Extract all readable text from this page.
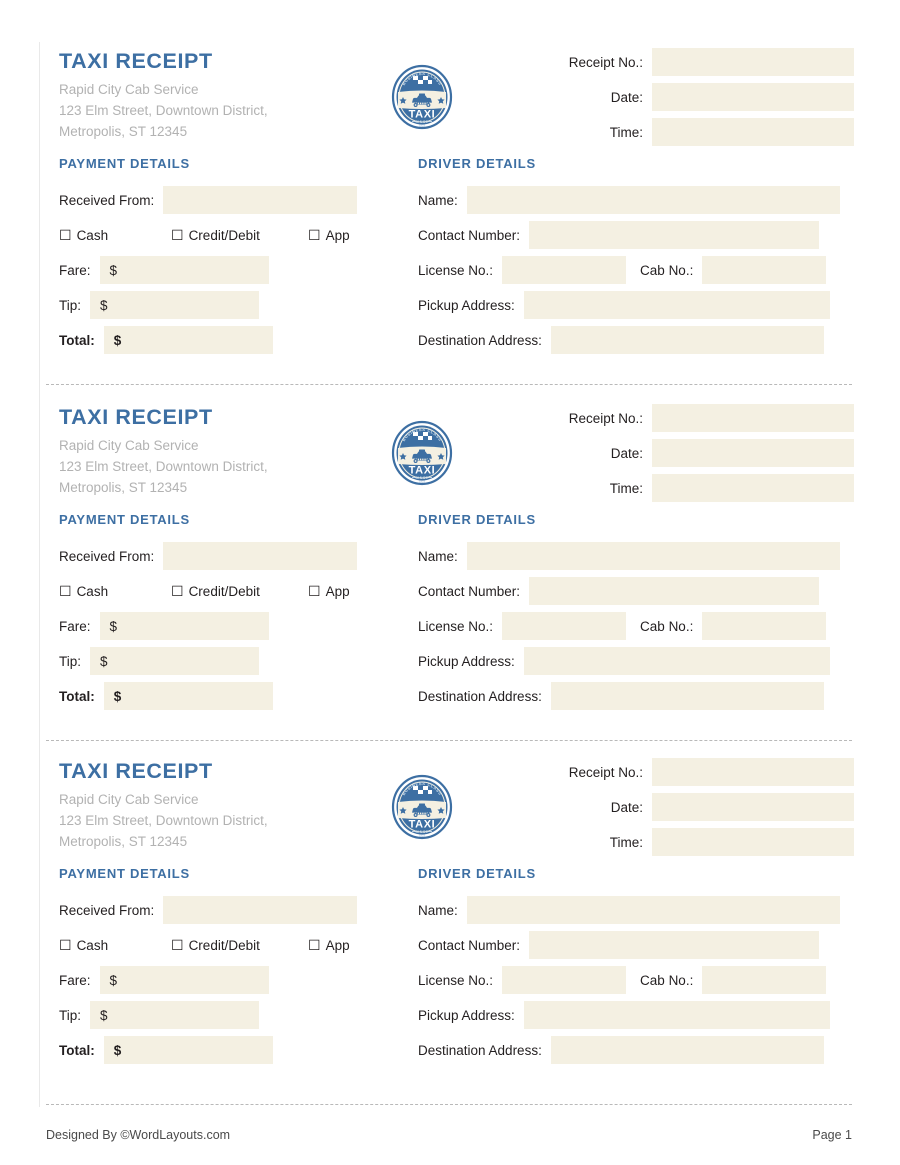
TAXI RECEIPT
Rapid City Cab Service
123 Elm Street, Downtown District,
Metropolis, ST 12345
BUSINESS CLASS
TAXI
SINCE
1923
Receipt No.:
Date:
Time:
PAYMENT DETAILS	DRIVER DETAILS
Received From:
☐ Cash	☐ Credit/Debit	☐ App
Fare:	$
Tip:	$
Total:	$
Name:
Contact Number:
License No.:	Cab No.:
Pickup Address:
Destination Address:
TAXI RECEIPT
Rapid City Cab Service
123 Elm Street, Downtown District,
Metropolis, ST 12345
BUSINESS CLASS
TAXI
SINCE
1923
Receipt No.:
Date:
Time:
PAYMENT DETAILS	DRIVER DETAILS
Received From:
☐ Cash	☐ Credit/Debit	☐ App
Fare:	$
Tip:	$
Total:	$
Name:
Contact Number:
License No.:	Cab No.:
Pickup Address:
Destination Address:
TAXI RECEIPT
Rapid City Cab Service
123 Elm Street, Downtown District,
Metropolis, ST 12345
BUSINESS CLASS
TAXI
SINCE
1923
Receipt No.:
Date:
Time:
PAYMENT DETAILS	DRIVER DETAILS
Received From:
☐ Cash	☐ Credit/Debit	☐ App
Fare:	$
Tip:	$
Total:	$
Name:
Contact Number:
License No.:	Cab No.:
Pickup Address:
Destination Address:
Designed By ©WordLayouts.com	Page 1
